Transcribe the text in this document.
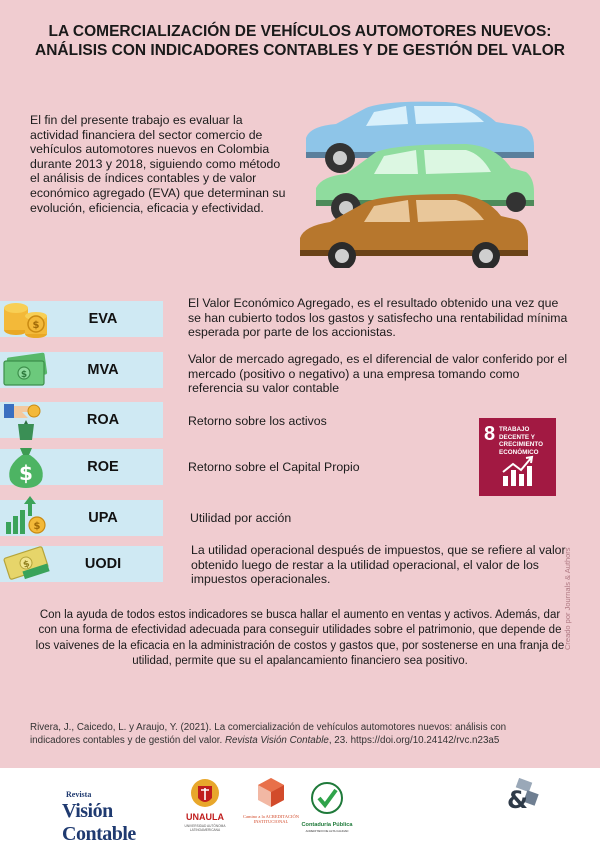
LA COMERCIALIZACIÓN DE VEHÍCULOS AUTOMOTORES NUEVOS:
ANÁLISIS CON INDICADORES CONTABLES Y DE GESTIÓN DEL VALOR
El fin del presente trabajo es evaluar la actividad financiera del sector comercio de vehículos automotores nuevos en Colombia durante 2013 y 2018, siguiendo como método el análisis de índices contables y de valor económico agregado (EVA) que determinan su evolución, eficiencia, eficacia y efectividad.
EVA
$
El Valor Económico Agregado, es el resultado obtenido una vez que se han cubierto todos los gastos y satisfecho una rentabilidad mínima esperada por parte de los accionistas.
MVA
$
Valor de mercado agregado, es el diferencial de valor conferido por el mercado (positivo o negativo) a una empresa tomando como referencia su valor contable
ROA	Retorno sobre los activos
ROE
$	Retorno sobre el Capital Propio
UPA
$
Utilidad por acción
UODI
$
La utilidad operacional después de impuestos, que se refiere al valor obtenido luego de restar a la utilidad operacional, el valor de los impuestos operacionales.
8 TRABAJO DECENTE Y CRECIMIENTO ECONÓMICO
Con la ayuda de todos estos indicadores se busca hallar el aumento en ventas y activos. Además, dar con una forma de efectividad adecuada para conseguir utilidades sobre el patrimonio, que depende de los vaivenes de la eficacia en la administración de costos y gastos que, por sostenerse en una franja de utilidad, permite que su el apalancamiento financiero sea positivo.
Rivera, J., Caicedo, L. y Araujo, Y. (2021). La comercialización de vehículos automotores nuevos: análisis con indicadores contables y de gestión del valor. Revista Visión Contable, 23. https://doi.org/10.24142/rvc.n23a5
Creado por Journals & Authors
Revista
Visión Contable
UNAULA
UNIVERSIDAD AUTÓNOMA LATINOAMERICANA
Camino a la ACREDITACIÓN INSTITUCIONAL
Contaduría Pública
ACREDITADO DE ALTA CALIDAD
&
